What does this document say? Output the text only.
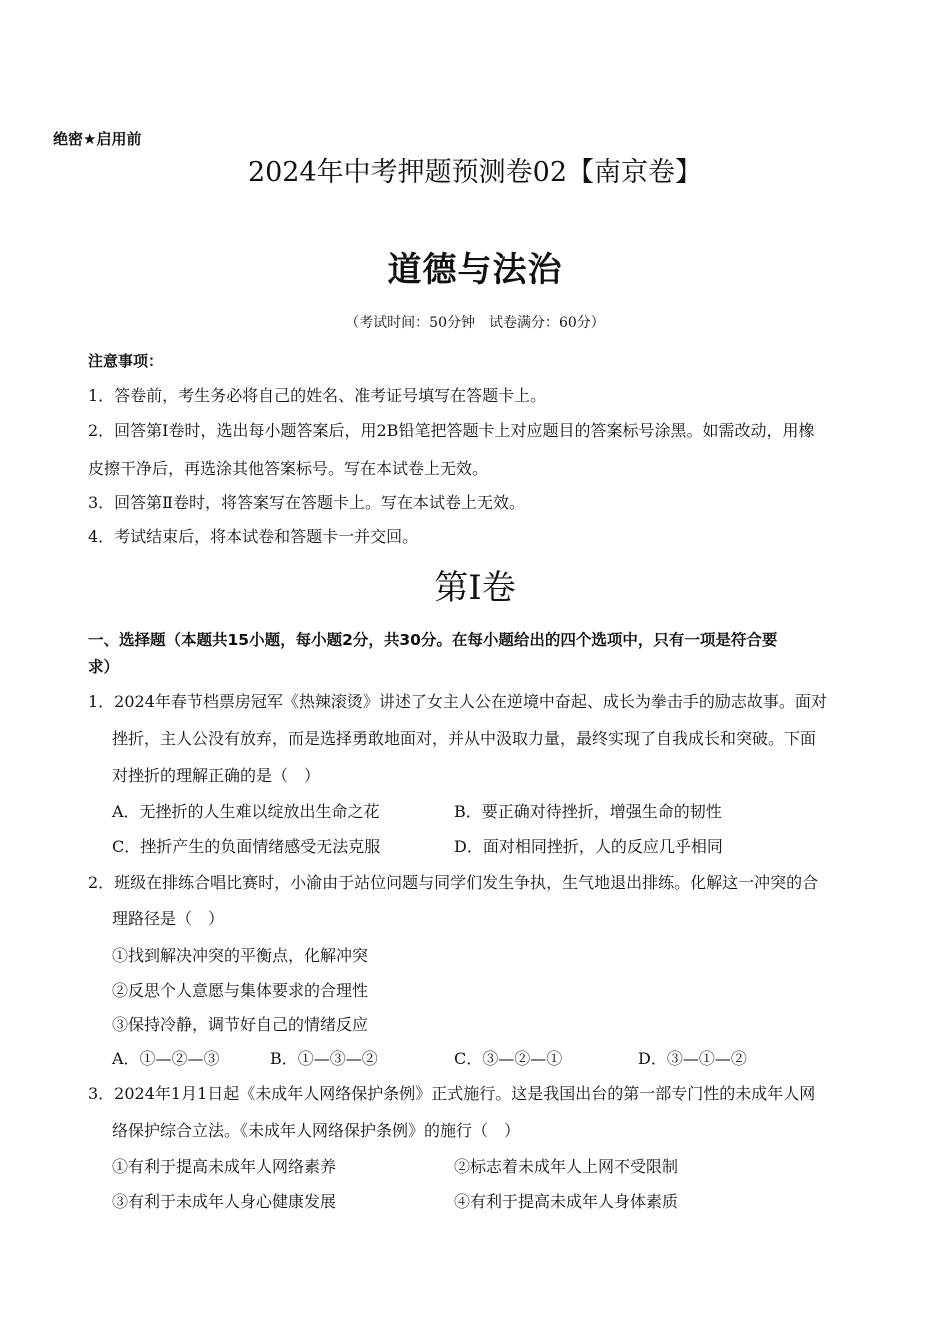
绝密★启用前
2024年中考押题预测卷02【南京卷】
道德与法治
（考试时间：50分钟　试卷满分：60分）
注意事项：
1．答卷前，考生务必将自己的姓名、准考证号填写在答题卡上。
2．回答第Ⅰ卷时，选出每小题答案后，用2B铅笔把答题卡上对应题目的答案标号涂黑。如需改动，用橡
皮擦干净后，再选涂其他答案标号。写在本试卷上无效。
3．回答第Ⅱ卷时，将答案写在答题卡上。写在本试卷上无效。
4．考试结束后，将本试卷和答题卡一并交回。
第Ⅰ卷
一、选择题（本题共15小题，每小题2分，共30分。在每小题给出的四个选项中，只有一项是符合要
求）
1．2024年春节档票房冠军《热辣滚烫》讲述了女主人公在逆境中奋起、成长为拳击手的励志故事。面对
挫折，主人公没有放弃，而是选择勇敢地面对，并从中汲取力量，最终实现了自我成长和突破。下面
对挫折的理解正确的是（　）
A．无挫折的人生难以绽放出生命之花	B．要正确对待挫折，增强生命的韧性
C．挫折产生的负面情绪感受无法克服	D．面对相同挫折，人的反应几乎相同
2．班级在排练合唱比赛时，小渝由于站位问题与同学们发生争执，生气地退出排练。化解这一冲突的合
理路径是（　）
①找到解决冲突的平衡点，化解冲突
②反思个人意愿与集体要求的合理性
③保持冷静，调节好自己的情绪反应
A．①—②—③	B．①—③—②	C．③—②—①	D．③—①—②
3．2024年1月1日起《未成年人网络保护条例》正式施行。这是我国出台的第一部专门性的未成年人网
络保护综合立法。《未成年人网络保护条例》的施行（　）
①有利于提高未成年人网络素养	②标志着未成年人上网不受限制
③有利于未成年人身心健康发展	④有利于提高未成年人身体素质
